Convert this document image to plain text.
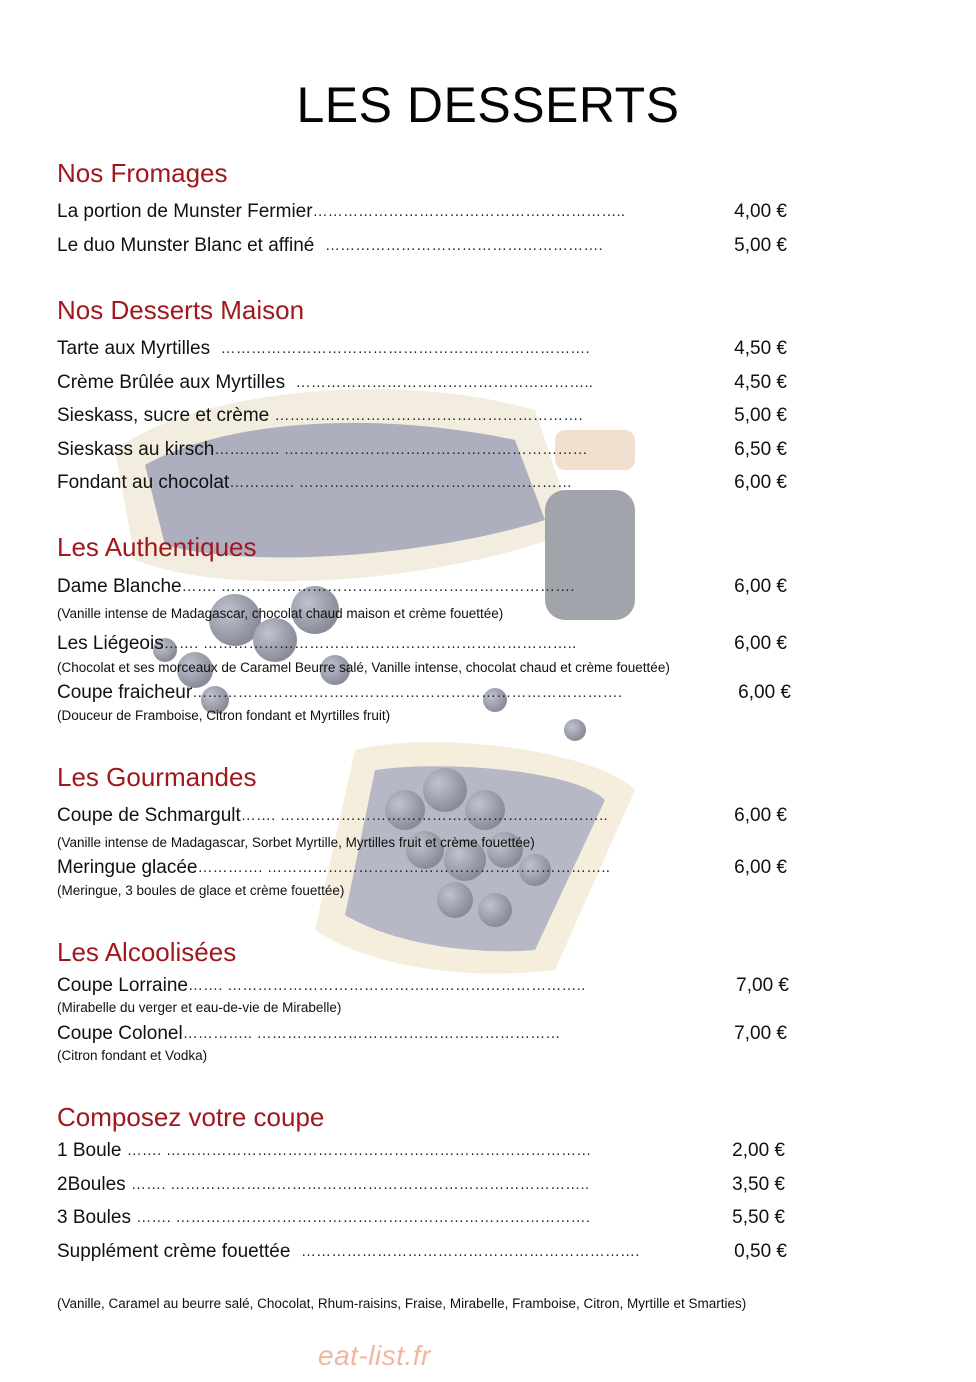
LES DESSERTS
Nos Fromages
La portion de Munster Fermier……………………………………………………..	4,00 €
Le duo Munster Blanc et affiné ……………………………………………….	5,00 €
Nos Desserts Maison
Tarte aux Myrtilles ……………………………………………………………….	4,50 €
Crème Brûlée aux Myrtilles …………………………………………………..	4,50 €
Sieskass, sucre et crème …………………………………………………….	5,00 €
Sieskass au kirsch…………. ……………………………………………………	6,50 €
Fondant au chocolat…………. ………………………………………………	6,00 €
Les Authentiques
Dame Blanche……. …………………………………………………………….	6,00 €
(Vanille intense de Madagascar, chocolat chaud maison et crème fouettée)
Les Liégeois……. ………………………………………………………………..	6,00 €
(Chocolat et ses morceaux de Caramel Beurre salé, Vanille intense, chocolat chaud et crème fouettée)
Coupe fraicheur………………………………………………………………………….	6,00 €
(Douceur de Framboise, Citron fondant et Myrtilles fruit)
Les Gourmandes
Coupe de Schmargult……. ………………………………………………………..	6,00 €
(Vanille intense de Madagascar, Sorbet Myrtille, Myrtilles fruit et crème fouettée)
Meringue glacée…………. …………………………………………………………..	6,00 €
(Meringue, 3 boules de glace et crème fouettée)
Les Alcoolisées
Coupe Lorraine……. ……………………………………………………………..	7,00 €
(Mirabelle du verger et eau-de-vie de Mirabelle)
Coupe Colonel………….. ……………………………………………………	7,00 €
(Citron fondant et Vodka)
Composez votre coupe
1 Boule ……. …………………………………………………………………………	2,00 €
2Boules ……. ………………………………………………………………………..	3,50 €
3 Boules ……. ……………………………………………………………………….	5,50 €
Supplément crème fouettée ………………………………………………………….	0,50 €
(Vanille, Caramel au beurre salé, Chocolat, Rhum-raisins, Fraise, Mirabelle, Framboise, Citron, Myrtille et Smarties)
eat-list.fr
